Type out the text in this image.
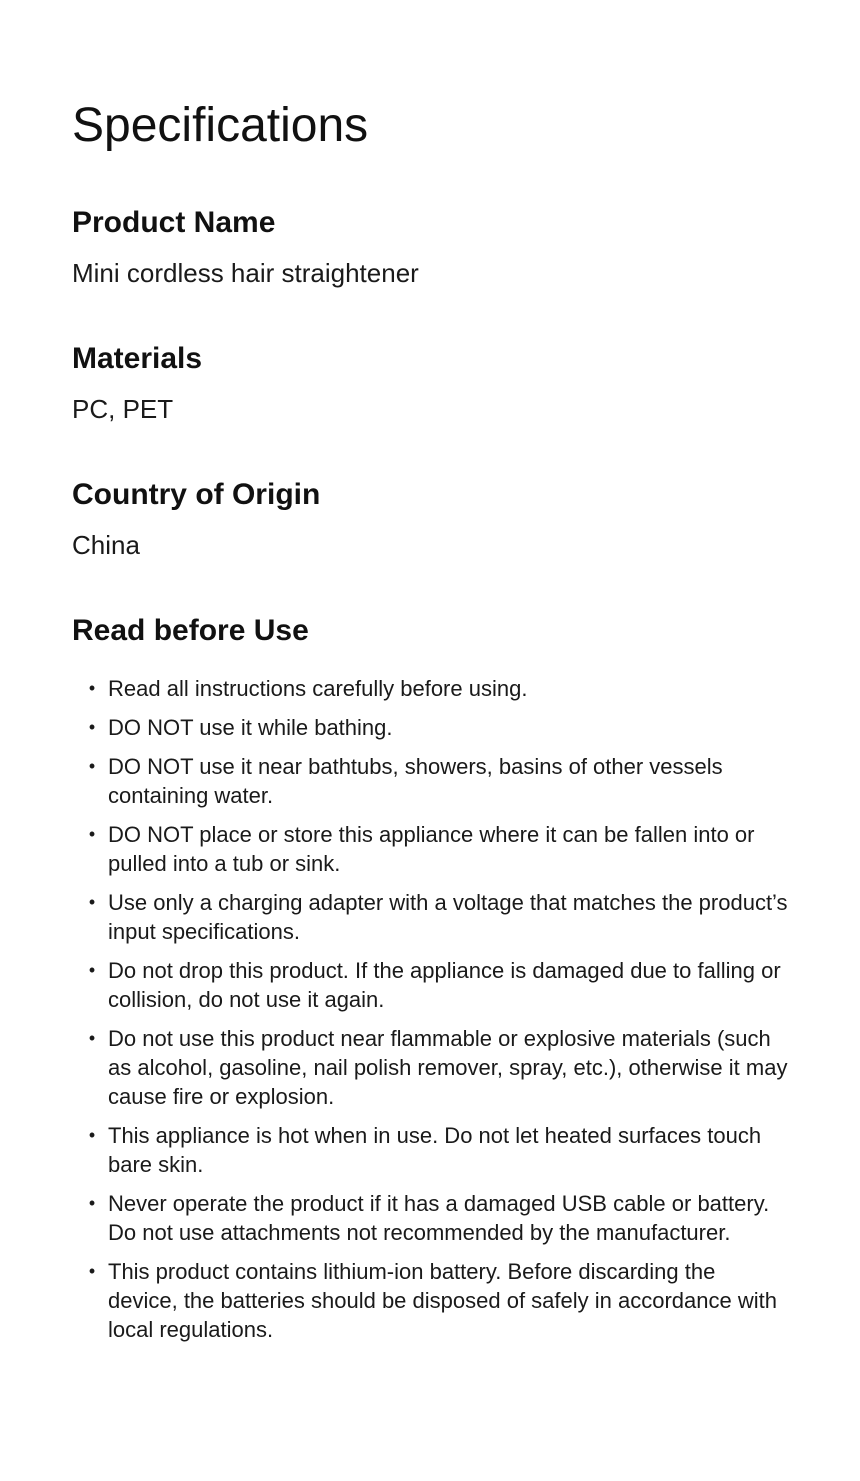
Specifications
Product Name

Mini cordless hair straightener

Materials

PC, PET

Country of Origin

China

Read before Use
• Read all instructions carefully before using.
• DO NOT use it while bathing.
• DO NOT use it near bathtubs, showers, basins of other vessels containing water.
• DO NOT place or store this appliance where it can be fallen into or pulled into a tub or sink.
• Use only a charging adapter with a voltage that matches the product’s input specifications.
• Do not drop this product. If the appliance is damaged due to falling or collision, do not use it again.
• Do not use this product near flammable or explosive materials (such as alcohol, gasoline, nail polish remover, spray, etc.), otherwise it may cause fire or explosion.
• This appliance is hot when in use. Do not let heated surfaces touch bare skin.
• Never operate the product if it has a damaged USB cable or battery. Do not use attachments not recommended by the manufacturer.
• This product contains lithium-ion battery. Before discarding the device, the batteries should be disposed of safely in accordance with local regulations.
